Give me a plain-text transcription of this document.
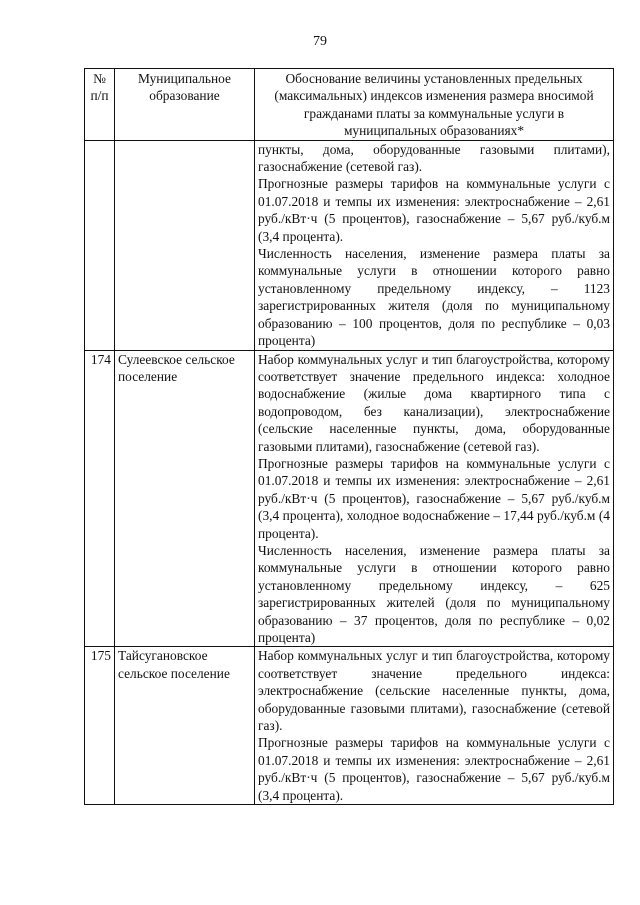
79
№ п/п	Муниципальное образование	Обоснование величины установленных предельных (максимальных) индексов изменения размера вносимой гражданами платы за коммунальные услуги в муниципальных образованиях*

		пункты, дома, оборудованные газовыми плитами), газоснабжение (сетевой газ).
Прогнозные размеры тарифов на коммунальные услуги с 01.07.2018 и темпы их изменения: электроснабжение – 2,61 руб./кВт·ч (5 процентов), газоснабжение – 5,67 руб./куб.м (3,4 процента).
Численность населения, изменение размера платы за коммунальные услуги в отношении которого равно установленному предельному индексу, – 1123 зарегистрированных жителя (доля по муниципальному образованию – 100 процентов, доля по республике – 0,03 процента)

174	Сулеевское сельское поселение	Набор коммунальных услуг и тип благоустройства, которому соответствует значение предельного индекса: холодное водоснабжение (жилые дома квартирного типа с водопроводом, без канализации), электроснабжение (сельские населенные пункты, дома, оборудованные газовыми плитами), газоснабжение (сетевой газ).
Прогнозные размеры тарифов на коммунальные услуги с 01.07.2018 и темпы их изменения: электроснабжение – 2,61 руб./кВт·ч (5 процентов), газоснабжение – 5,67 руб./куб.м (3,4 процента), холодное водоснабжение – 17,44 руб./куб.м (4 процента).
Численность населения, изменение размера платы за коммунальные услуги в отношении которого равно установленному предельному индексу, – 625 зарегистрированных жителей (доля по муниципальному образованию – 37 процентов, доля по республике – 0,02 процента)

175	Тайсугановское сельское поселение	Набор коммунальных услуг и тип благоустройства, которому соответствует значение предельного индекса: электроснабжение (сельские населенные пункты, дома, оборудованные газовыми плитами), газоснабжение (сетевой газ).
Прогнозные размеры тарифов на коммунальные услуги с 01.07.2018 и темпы их изменения: электроснабжение – 2,61 руб./кВт·ч (5 процентов), газоснабжение – 5,67 руб./куб.м (3,4 процента).
